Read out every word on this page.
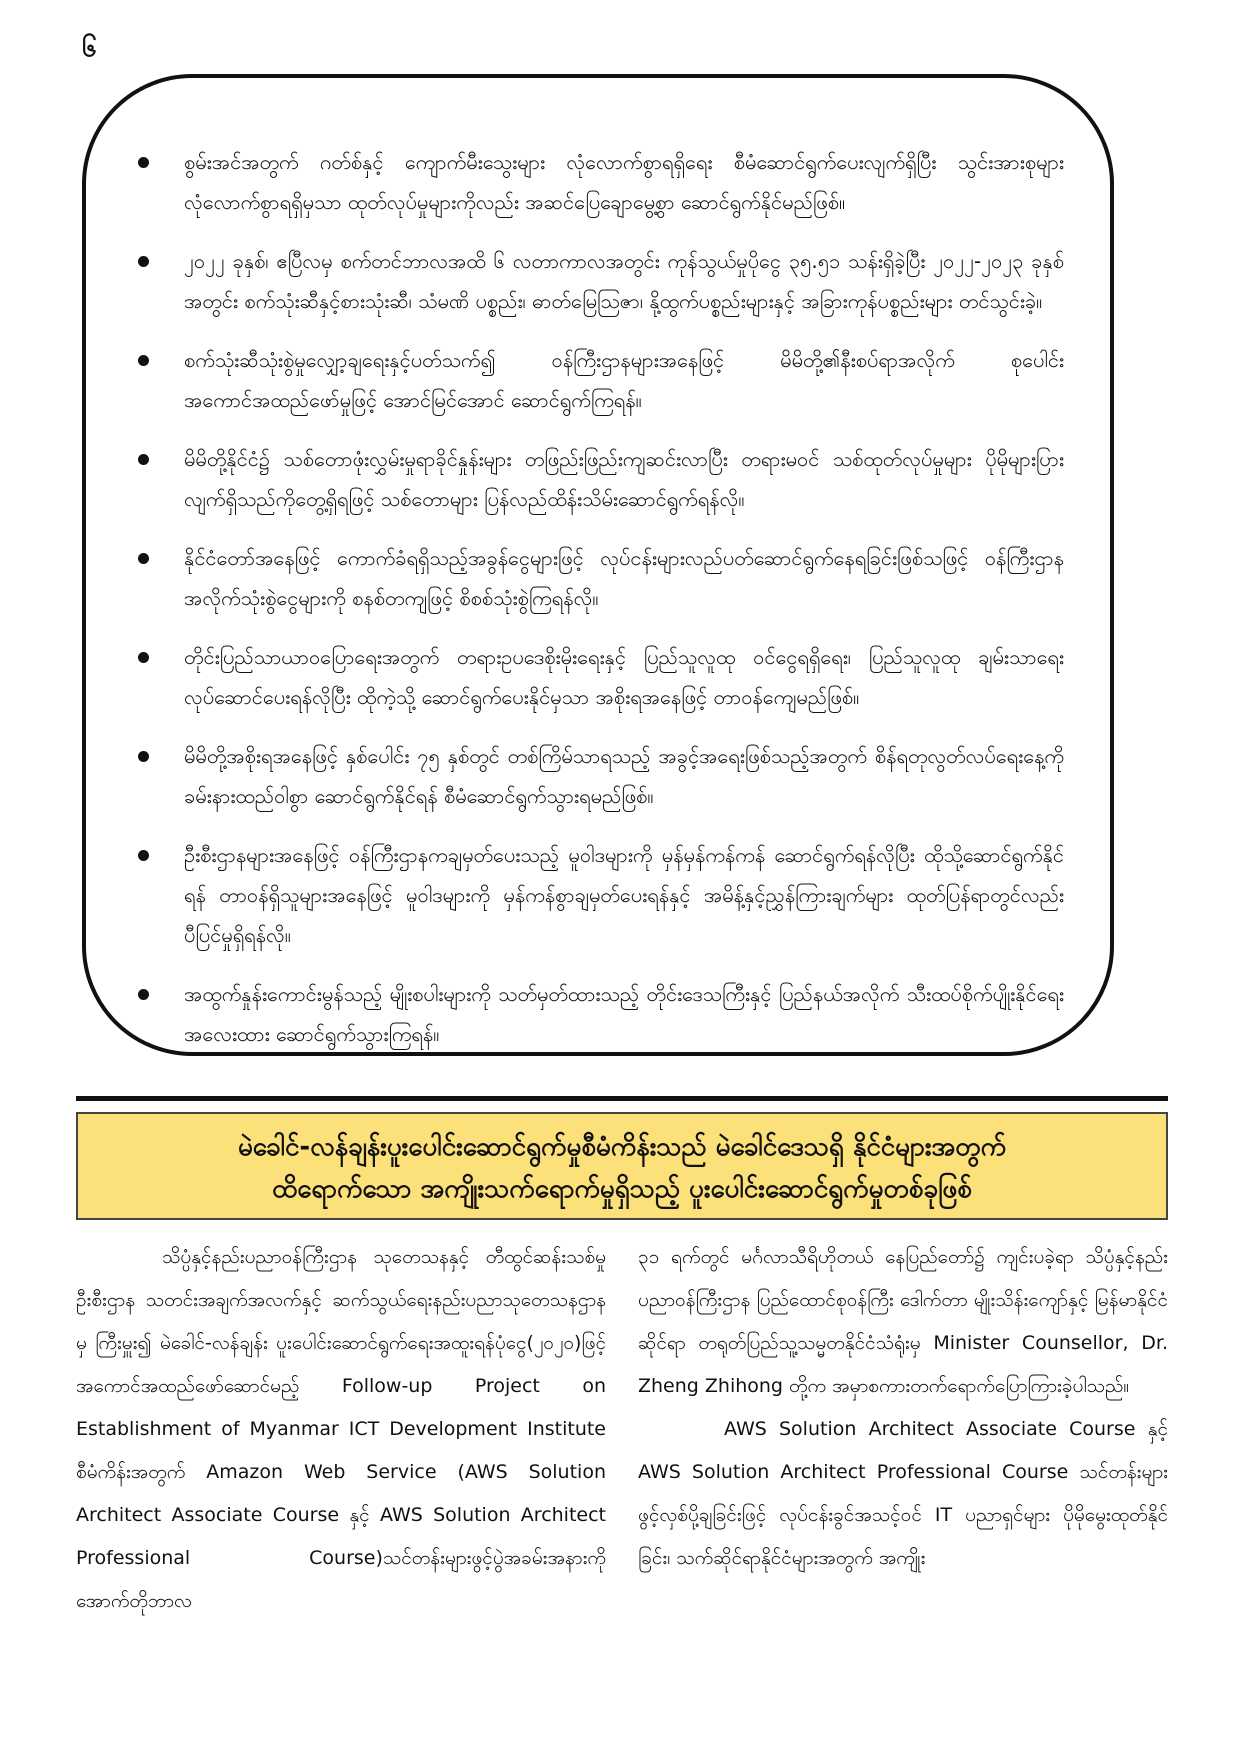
၆
စွမ်းအင်အတွက် ဂတ်စ်နှင့် ကျောက်မီးသွေးများ လုံလောက်စွာရရှိရေး စီမံဆောင်ရွက်ပေးလျက်ရှိပြီး သွင်းအားစုများလုံလောက်စွာရရှိမှသာ ထုတ်လုပ်မှုများကိုလည်း အဆင်ပြေချောမွေ့စွာ ဆောင်ရွက်နိုင်မည်ဖြစ်။
၂၀၂၂ ခုနှစ်၊ ဧပြီလမှ စက်တင်ဘာလအထိ ၆ လတာကာလအတွင်း ကုန်သွယ်မှုပိုငွေ ၃၅.၅၁ သန်းရှိခဲ့ပြီး ၂၀၂၂-၂၀၂၃ ခုနှစ်အတွင်း စက်သုံးဆီနှင့်စားသုံးဆီ၊ သံမဏိ ပစ္စည်း၊ ဓာတ်မြေဩဇာ၊ နို့ထွက်ပစ္စည်းများနှင့် အခြားကုန်ပစ္စည်းများ တင်သွင်းခဲ့။
စက်သုံးဆီသုံးစွဲမှုလျှော့ချရေးနှင့်ပတ်သက်၍ ဝန်ကြီးဌာနများအနေဖြင့် မိမိတို့၏နီးစပ်ရာအလိုက် စုပေါင်းအကောင်အထည်ဖော်မှုဖြင့် အောင်မြင်အောင် ဆောင်ရွက်ကြရန်။
မိမိတို့နိုင်ငံ၌ သစ်တောဖုံးလွှမ်းမှုရာခိုင်နှုန်းများ တဖြည်းဖြည်းကျဆင်းလာပြီး တရားမဝင် သစ်ထုတ်လုပ်မှုများ ပိုမိုများပြားလျက်ရှိသည်ကိုတွေ့ရှိရဖြင့် သစ်တောများ ပြန်လည်ထိန်းသိမ်းဆောင်ရွက်ရန်လို။
နိုင်ငံတော်အနေဖြင့် ကောက်ခံရရှိသည့်အခွန်ငွေများဖြင့် လုပ်ငန်းများလည်ပတ်ဆောင်ရွက်နေရခြင်းဖြစ်သဖြင့် ဝန်ကြီးဌာနအလိုက်သုံးစွဲငွေများကို စနစ်တကျဖြင့် စိစစ်သုံးစွဲကြရန်လို။
တိုင်းပြည်သာယာဝပြောရေးအတွက် တရားဥပဒေစိုးမိုးရေးနှင့် ပြည်သူလူထု ဝင်ငွေရရှိရေး၊ ပြည်သူလူထု ချမ်းသာရေး လုပ်ဆောင်ပေးရန်လိုပြီး ထိုကဲ့သို့ ဆောင်ရွက်ပေးနိုင်မှသာ အစိုးရအနေဖြင့် တာဝန်ကျေမည်ဖြစ်။
မိမိတို့အစိုးရအနေဖြင့် နှစ်ပေါင်း ၇၅ နှစ်တွင် တစ်ကြိမ်သာရသည့် အခွင့်အရေးဖြစ်သည့်အတွက် စိန်ရတုလွတ်လပ်ရေးနေ့ကို ခမ်းနားထည်ဝါစွာ ဆောင်ရွက်နိုင်ရန် စီမံဆောင်ရွက်သွားရမည်ဖြစ်။
ဦးစီးဌာနများအနေဖြင့် ဝန်ကြီးဌာနကချမှတ်ပေးသည့် မူဝါဒများကို မှန်မှန်ကန်ကန် ဆောင်ရွက်ရန်လိုပြီး ထိုသို့ဆောင်ရွက်နိုင်ရန် တာဝန်ရှိသူများအနေဖြင့် မူဝါဒများကို မှန်ကန်စွာချမှတ်ပေးရန်နှင့် အမိန့်နှင့်ညွှန်ကြားချက်များ ထုတ်ပြန်ရာတွင်လည်း ပီပြင်မှုရှိရန်လို။
အထွက်နှုန်းကောင်းမွန်သည့် မျိုးစပါးများကို သတ်မှတ်ထားသည့် တိုင်းဒေသကြီးနှင့် ပြည်နယ်အလိုက် သီးထပ်စိုက်ပျိုးနိုင်ရေး အလေးထား ဆောင်ရွက်သွားကြရန်။
မဲခေါင်-လန်ချန်းပူးပေါင်းဆောင်ရွက်မှုစီမံကိန်းသည် မဲခေါင်ဒေသရှိ နိုင်ငံများအတွက်
ထိရောက်သော အကျိုးသက်ရောက်မှုရှိသည့် ပူးပေါင်းဆောင်ရွက်မှုတစ်ခုဖြစ်

သိပ္ပံနှင့်နည်းပညာဝန်ကြီးဌာန သုတေသနနှင့် တီထွင်ဆန်းသစ်မှုဦးစီးဌာန သတင်းအချက်အလက်နှင့် ဆက်သွယ်ရေးနည်းပညာသုတေသနဌာနမှ ကြီးမှူး၍ မဲခေါင်-လန်ချန်း ပူးပေါင်းဆောင်ရွက်ရေးအထူးရန်ပုံငွေ(၂၀၂၀)ဖြင့် အကောင်အထည်ဖော်ဆောင်မည့် Follow-up Project on Establishment of Myanmar ICT Development Institute စီမံကိန်းအတွက် Amazon Web Service (AWS Solution Architect Associate Course နှင့် AWS Solution Architect Professional Course)သင်တန်းများဖွင့်ပွဲအခမ်းအနားကို အောက်တိုဘာလ

၃၁ ရက်တွင် မင်္ဂလာသီရိဟိုတယ် နေပြည်တော်၌ ကျင်းပခဲ့ရာ သိပ္ပံနှင့်နည်းပညာဝန်ကြီးဌာန ပြည်ထောင်စုဝန်ကြီး ဒေါက်တာ မျိုးသိန်းကျော်နှင့် မြန်မာနိုင်ငံဆိုင်ရာ တရုတ်ပြည်သူ့သမ္မတနိုင်ငံသံရုံးမှ Minister Counsellor, Dr. Zheng Zhihong တို့က အမှာစကားတက်ရောက်ပြောကြားခဲ့ပါသည်။

AWS Solution Architect Associate Course နှင့် AWS Solution Architect Professional Course သင်တန်းများ ဖွင့်လှစ်ပို့ချခြင်းဖြင့် လုပ်ငန်းခွင်အသင့်ဝင် IT ပညာရှင်များ ပိုမိုမွေးထုတ်နိုင်ခြင်း၊ သက်ဆိုင်ရာနိုင်ငံများအတွက် အကျိုး
